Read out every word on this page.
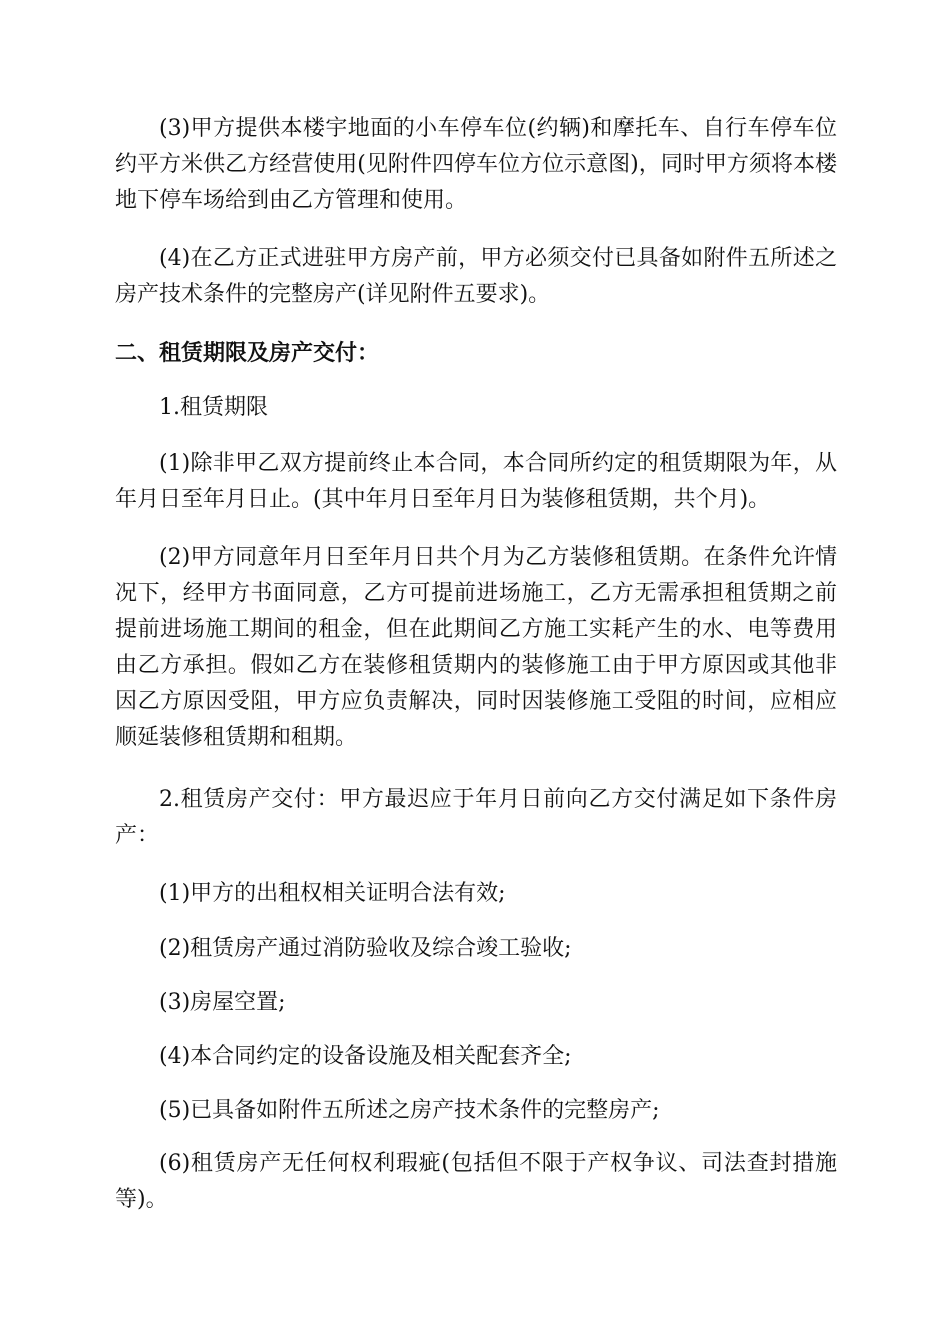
(3)甲方提供本楼宇地面的小车停车位(约辆)和摩托车、自行车停车位约平方米供乙方经营使用(见附件四停车位方位示意图)，同时甲方须将本楼地下停车场给到由乙方管理和使用。

(4)在乙方正式进驻甲方房产前，甲方必须交付已具备如附件五所述之房产技术条件的完整房产(详见附件五要求)。

二、租赁期限及房产交付：

1.租赁期限

(1)除非甲乙双方提前终止本合同，本合同所约定的租赁期限为年，从年月日至年月日止。(其中年月日至年月日为装修租赁期，共个月)。

(2)甲方同意年月日至年月日共个月为乙方装修租赁期。在条件允许情况下，经甲方书面同意，乙方可提前进场施工，乙方无需承担租赁期之前提前进场施工期间的租金，但在此期间乙方施工实耗产生的水、电等费用由乙方承担。假如乙方在装修租赁期内的装修施工由于甲方原因或其他非因乙方原因受阻，甲方应负责解决，同时因装修施工受阻的时间，应相应顺延装修租赁期和租期。

2.租赁房产交付：甲方最迟应于年月日前向乙方交付满足如下条件房产：

(1)甲方的出租权相关证明合法有效;

(2)租赁房产通过消防验收及综合竣工验收;

(3)房屋空置;

(4)本合同约定的设备设施及相关配套齐全;

(5)已具备如附件五所述之房产技术条件的完整房产;

(6)租赁房产无任何权利瑕疵(包括但不限于产权争议、司法查封措施等)。
